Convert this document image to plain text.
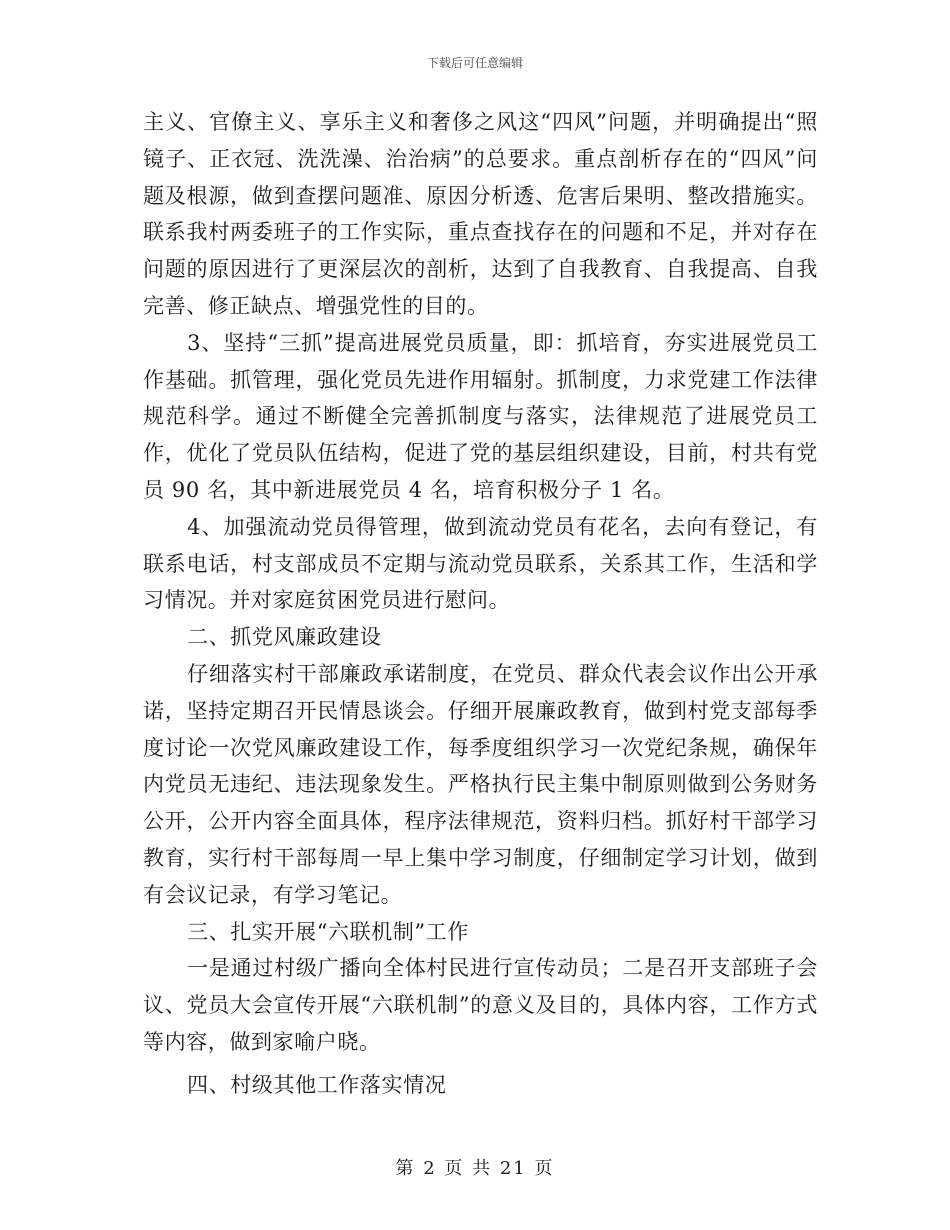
下载后可任意编辑

主义、官僚主义、享乐主义和奢侈之风这“四风”问题，并明确提出“照镜子、正衣冠、洗洗澡、治治病”的总要求。重点剖析存在的“四风”问题及根源，做到查摆问题准、原因分析透、危害后果明、整改措施实。联系我村两委班子的工作实际，重点查找存在的问题和不足，并对存在问题的原因进行了更深层次的剖析，达到了自我教育、自我提高、自我完善、修正缺点、增强党性的目的。

3、坚持“三抓”提高进展党员质量，即：抓培育，夯实进展党员工作基础。抓管理，强化党员先进作用辐射。抓制度，力求党建工作法律规范科学。通过不断健全完善抓制度与落实，法律规范了进展党员工作，优化了党员队伍结构，促进了党的基层组织建设，目前，村共有党员 90 名，其中新进展党员 4 名，培育积极分子 1 名。

4、加强流动党员得管理，做到流动党员有花名，去向有登记，有联系电话，村支部成员不定期与流动党员联系，关系其工作，生活和学习情况。并对家庭贫困党员进行慰问。

二、抓党风廉政建设

仔细落实村干部廉政承诺制度，在党员、群众代表会议作出公开承诺，坚持定期召开民情恳谈会。仔细开展廉政教育，做到村党支部每季度讨论一次党风廉政建设工作，每季度组织学习一次党纪条规，确保年内党员无违纪、违法现象发生。严格执行民主集中制原则做到公务财务公开，公开内容全面具体，程序法律规范，资料归档。抓好村干部学习教育，实行村干部每周一早上集中学习制度，仔细制定学习计划，做到有会议记录，有学习笔记。

三、扎实开展“六联机制”工作

一是通过村级广播向全体村民进行宣传动员；二是召开支部班子会议、党员大会宣传开展“六联机制”的意义及目的，具体内容，工作方式等内容，做到家喻户晓。

四、村级其他工作落实情况

第 2 页 共 21 页
